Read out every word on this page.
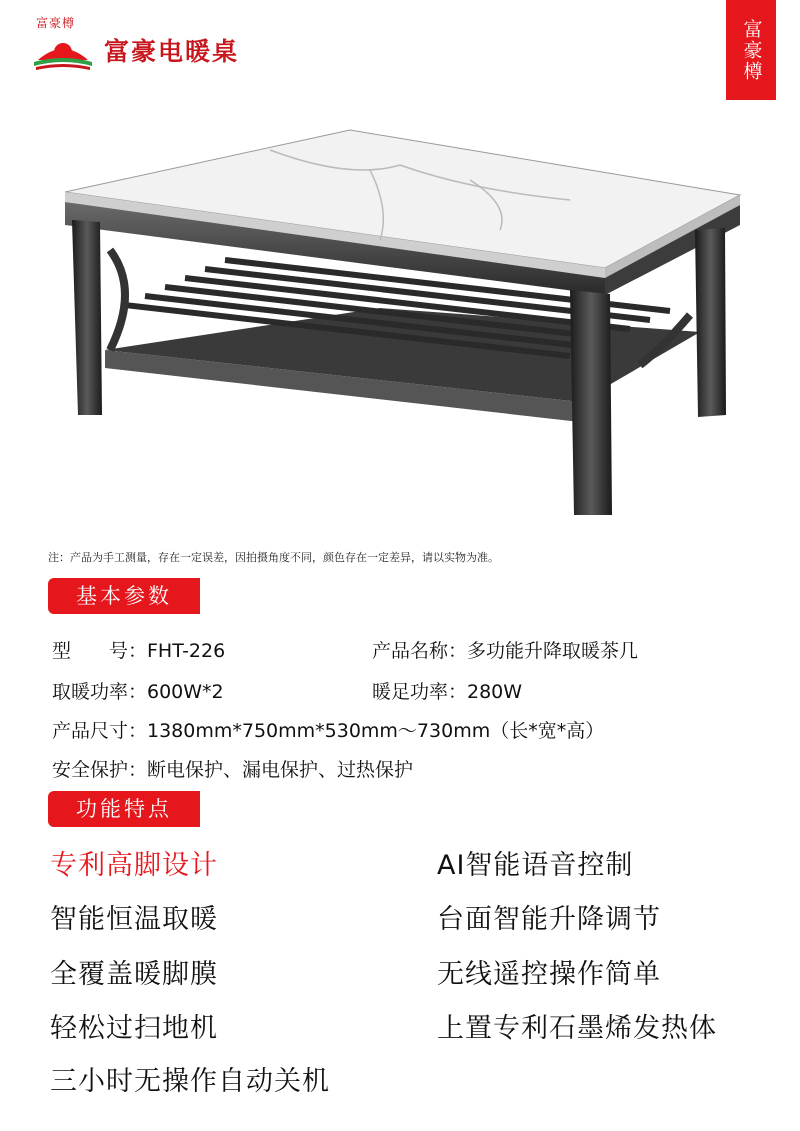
富豪樽
富豪电暖桌	富豪樽
注：产品为手工测量，存在一定误差，因拍摄角度不同，颜色存在一定差异，请以实物为准。
基本参数
型　　号：FHT-226	产品名称：多功能升降取暖茶几
取暖功率：600W*2	暖足功率：280W
产品尺寸：1380mm*750mm*530mm～730mm（长*宽*高）
安全保护：断电保护、漏电保护、过热保护
功能特点
专利高脚设计
智能恒温取暖
全覆盖暖脚膜
轻松过扫地机
三小时无操作自动关机
AI智能语音控制
台面智能升降调节
无线遥控操作简单
上置专利石墨烯发热体
